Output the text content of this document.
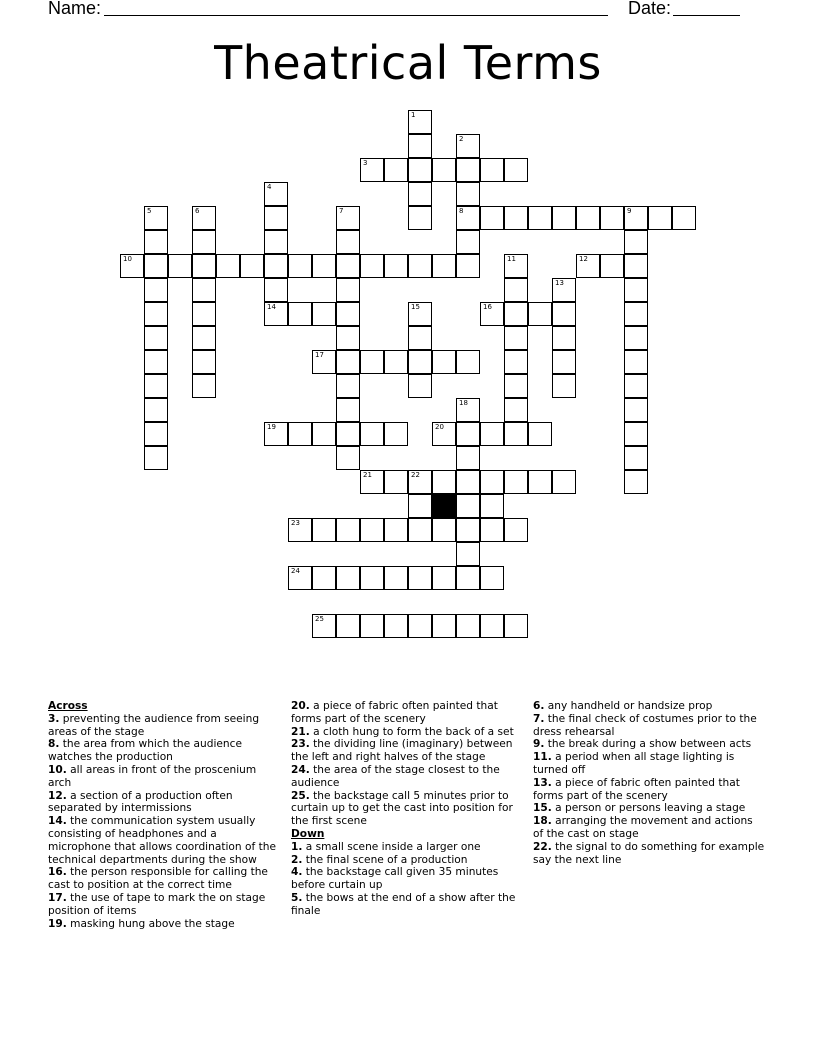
Name:	Date:
Theatrical Terms
1
2
3
4
5	6	7	8	9
10	11	12
13
14	15	16
17
18
19	20
21	22
23
24
25
Across
3. preventing the audience from seeing areas of the stage
8. the area from which the audience watches the production
10. all areas in front of the proscenium arch
12. a section of a production often separated by intermissions
14. the communication system usually consisting of headphones and a microphone that allows coordination of the technical departments during the show
16. the person responsible for calling the cast to position at the correct time
17. the use of tape to mark the on stage position of items
19. masking hung above the stage
20. a piece of fabric often painted that forms part of the scenery
21. a cloth hung to form the back of a set
23. the dividing line (imaginary) between the left and right halves of the stage
24. the area of the stage closest to the audience
25. the backstage call 5 minutes prior to curtain up to get the cast into position for the first scene
Down
1. a small scene inside a larger one
2. the final scene of a production
4. the backstage call given 35 minutes before curtain up
5. the bows at the end of a show after the finale
6. any handheld or handsize prop
7. the final check of costumes prior to the dress rehearsal
9. the break during a show between acts
11. a period when all stage lighting is turned off
13. a piece of fabric often painted that forms part of the scenery
15. a person or persons leaving a stage
18. arranging the movement and actions of the cast on stage
22. the signal to do something for example say the next line
